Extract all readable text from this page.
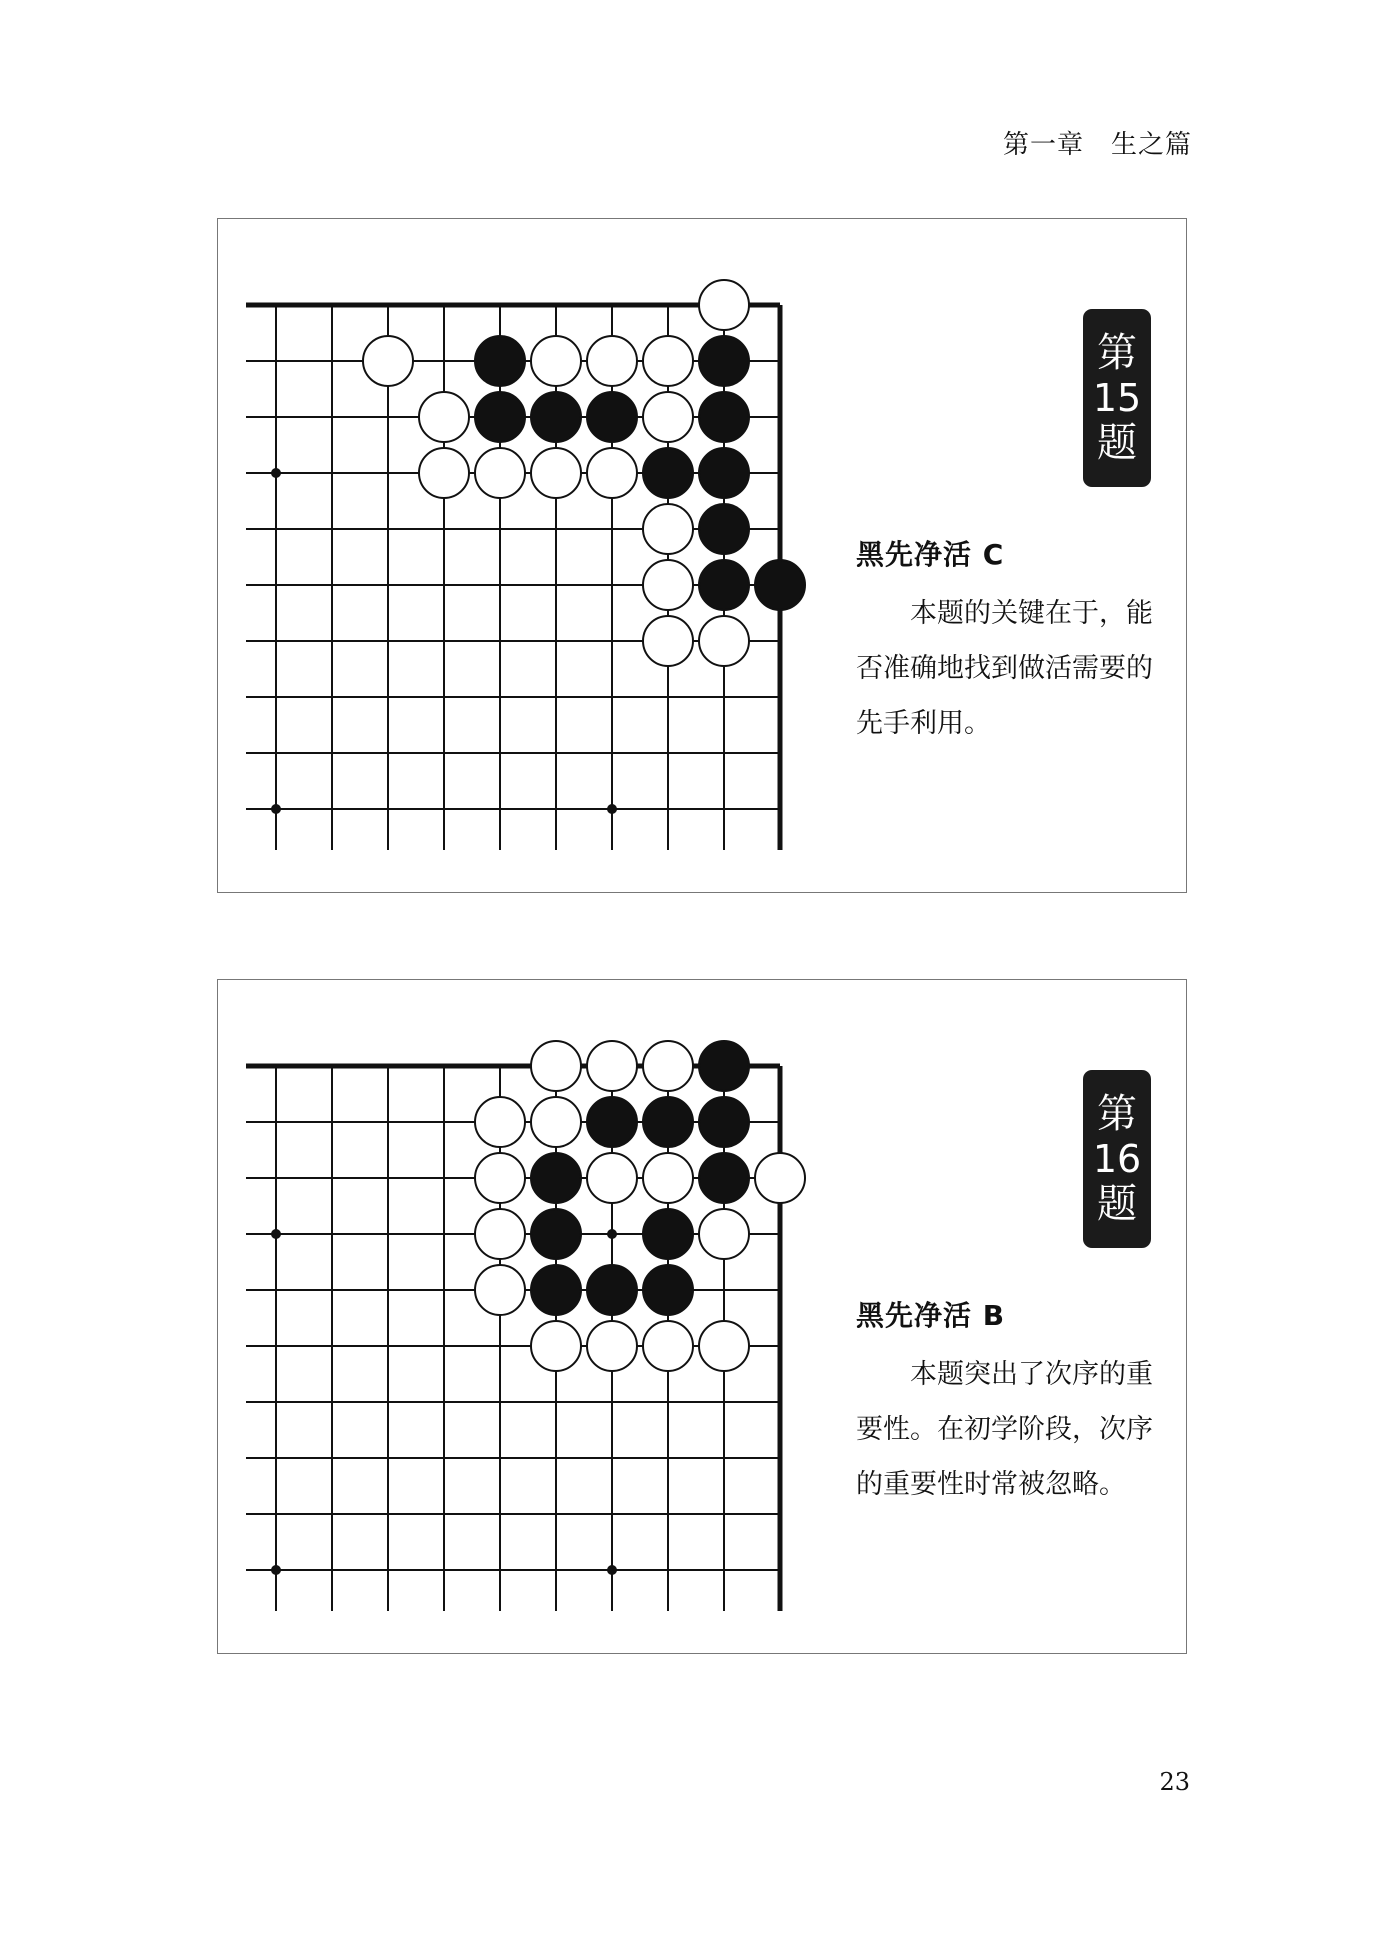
第一章　生之篇
第
15
题
黑先净活 C
本题的关键在于，能否准确地找到做活需要的先手利用。
第
16
题
黑先净活 B
本题突出了次序的重要性。在初学阶段，次序的重要性时常被忽略。
23
